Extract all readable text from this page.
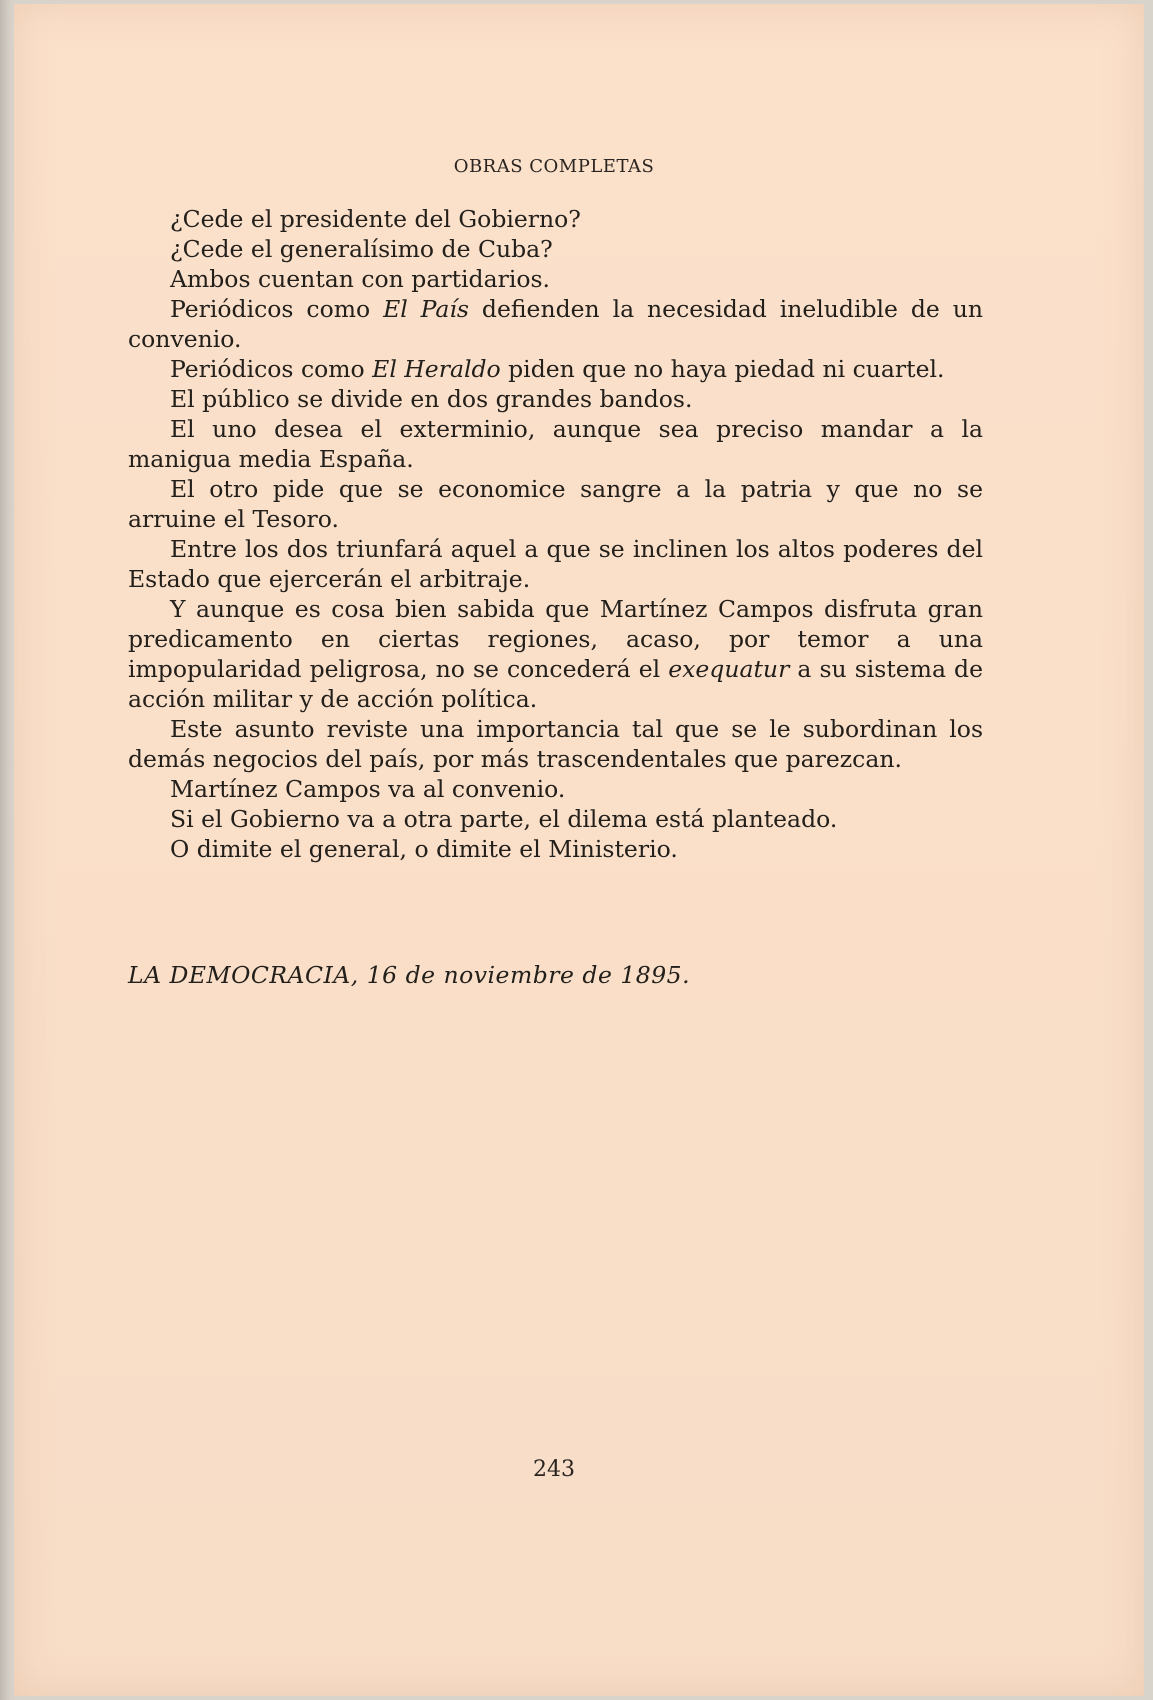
OBRAS COMPLETAS

¿Cede el presidente del Gobierno?

¿Cede el generalísimo de Cuba?

Ambos cuentan con partidarios.

Periódicos como El País defienden la necesidad ineludible de un convenio.

Periódicos como El Heraldo piden que no haya piedad ni cuartel.

El público se divide en dos grandes bandos.

El uno desea el exterminio, aunque sea preciso mandar a la manigua media España.

El otro pide que se economice sangre a la patria y que no se arruine el Tesoro.

Entre los dos triunfará aquel a que se inclinen los altos poderes del Estado que ejercerán el arbitraje.

Y aunque es cosa bien sabida que Martínez Campos disfruta gran predicamento en ciertas regiones, acaso, por temor a una impopularidad peligrosa, no se concederá el exequatur a su sistema de acción militar y de acción política.

Este asunto reviste una importancia tal que se le subordinan los demás negocios del país, por más trascendentales que parezcan.

Martínez Campos va al convenio.

Si el Gobierno va a otra parte, el dilema está planteado.

O dimite el general, o dimite el Ministerio.

LA DEMOCRACIA, 16 de noviembre de 1895.
243
